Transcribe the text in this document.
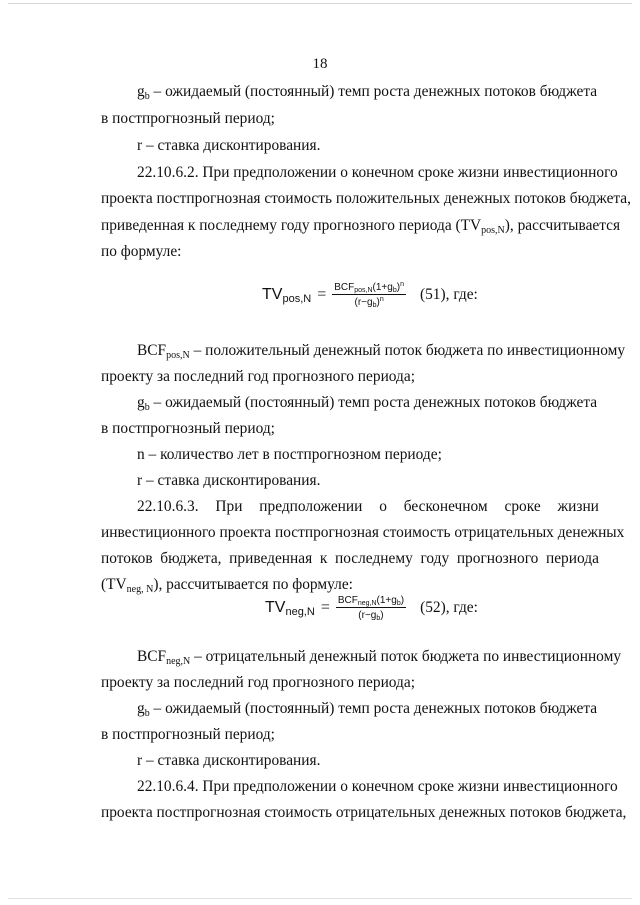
18
$g_b$ – ожидаемый (постоянный) темп роста денежных потоков бюджета
в постпрогнозный период;
r – ставка дисконтирования.
22.10.6.2. При предположении о конечном сроке жизни инвестиционного
проекта постпрогнозная стоимость положительных денежных потоков бюджета,
приведенная к последнему году прогнозного периода $(TV_{pos,N})$, рассчитывается
по формуле:
$TV_{pos,N} = \frac{BCF_{pos,N}(1+g_b)^n}{(r-g_b)^n} (51)$, где:
$BCF_{pos,N}$ – положительный денежный поток бюджета по инвестиционному
проекту за последний год прогнозного периода;
$g_b$ – ожидаемый (постоянный) темп роста денежных потоков бюджета
в постпрогнозный период;
n – количество лет в постпрогнозном периоде;
r – ставка дисконтирования.
22.10.6.3. При предположении о бесконечном сроке жизни
инвестиционного проекта постпрогнозная стоимость отрицательных денежных
потоков бюджета, приведенная к последнему году прогнозного периода
$(TV_{neg, N})$, рассчитывается по формуле:
$TV_{neg,N} = \frac{BCF_{neg,N}(1+g_b)}{(r-g_b)} (52)$, где:
$BCF_{neg,N}$ – отрицательный денежный поток бюджета по инвестиционному
проекту за последний год прогнозного периода;
$g_b$ – ожидаемый (постоянный) темп роста денежных потоков бюджета
в постпрогнозный период;
r – ставка дисконтирования.
22.10.6.4. При предположении о конечном сроке жизни инвестиционного
проекта постпрогнозная стоимость отрицательных денежных потоков бюджета,
